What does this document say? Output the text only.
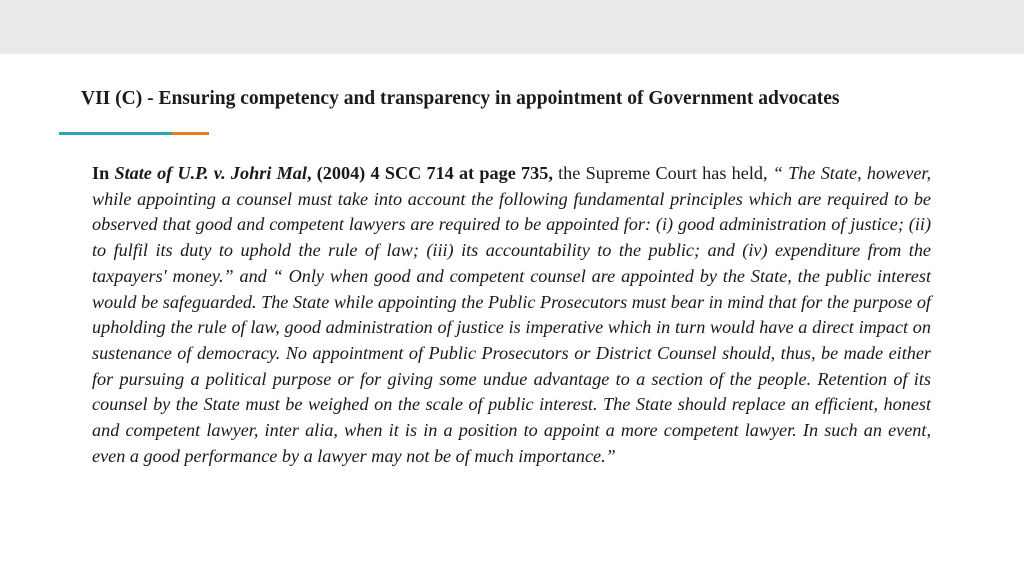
VII (C) - Ensuring competency and transparency in appointment of Government advocates
In State of U.P. v. Johri Mal, (2004) 4 SCC 714 at page 735, the Supreme Court has held, “ The State, however, while appointing a counsel must take into account the following fundamental principles which are required to be observed that good and competent lawyers are required to be appointed for: (i) good administration of justice; (ii) to fulfil its duty to uphold the rule of law; (iii) its accountability to the public; and (iv) expenditure from the taxpayers' money.” and “ Only when good and competent counsel are appointed by the State, the public interest would be safeguarded. The State while appointing the Public Prosecutors must bear in mind that for the purpose of upholding the rule of law, good administration of justice is imperative which in turn would have a direct impact on sustenance of democracy. No appointment of Public Prosecutors or District Counsel should, thus, be made either for pursuing a political purpose or for giving some undue advantage to a section of the people. Retention of its counsel by the State must be weighed on the scale of public interest. The State should replace an efficient, honest and competent lawyer, inter alia, when it is in a position to appoint a more competent lawyer. In such an event, even a good performance by a lawyer may not be of much importance.”
